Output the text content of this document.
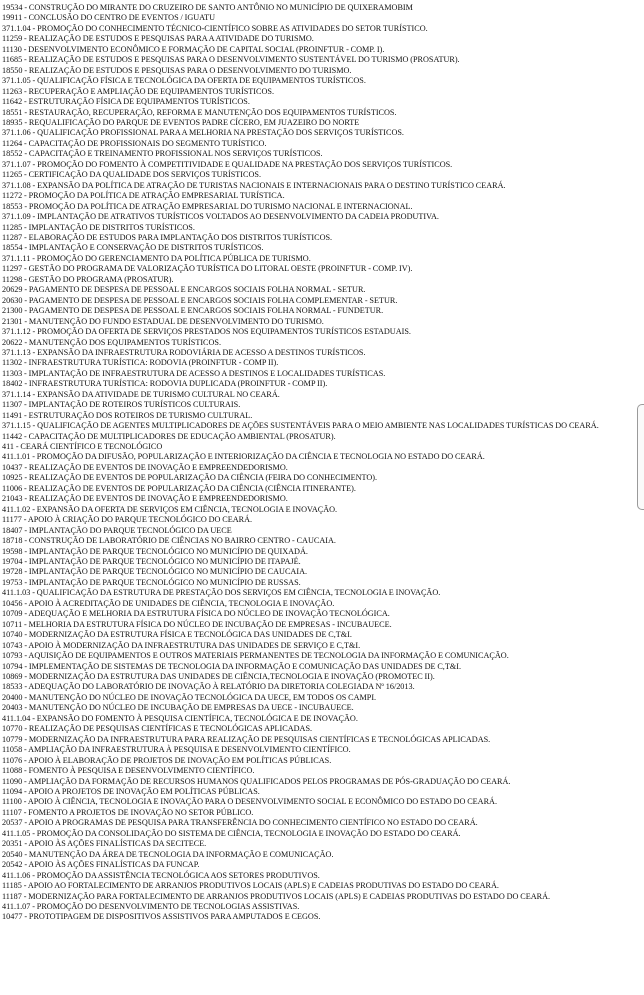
19534 - CONSTRUÇÃO DO MIRANTE DO CRUZEIRO DE SANTO ANTÔNIO NO MUNICÍPIO DE QUIXERAMOBIM
19911 - CONCLUSÃO DO CENTRO DE EVENTOS / IGUATU
371.1.04 - PROMOÇÃO DO CONHECIMENTO TÉCNICO-CIENTÍFICO SOBRE AS ATIVIDADES DO SETOR TURÍSTICO.
11259 - REALIZAÇÃO DE ESTUDOS E PESQUISAS PARA A ATIVIDADE DO TURISMO.
11130 - DESENVOLVIMENTO ECONÔMICO E FORMAÇÃO DE CAPITAL SOCIAL (PROINFTUR - COMP. I).
11685 - REALIZAÇÃO DE ESTUDOS E PESQUISAS PARA O DESENVOLVIMENTO SUSTENTÁVEL DO TURISMO (PROSATUR).
18550 - REALIZAÇÃO DE ESTUDOS E PESQUISAS PARA O DESENVOLVIMENTO DO TURISMO.
371.1.05 - QUALIFICAÇÃO FÍSICA E TECNOLÓGICA DA OFERTA DE EQUIPAMENTOS TURÍSTICOS.
11263 - RECUPERAÇÃO E AMPLIAÇÃO DE EQUIPAMENTOS TURÍSTICOS.
11642 - ESTRUTURAÇÃO FÍSICA DE EQUIPAMENTOS TURÍSTICOS.
18551 - RESTAURAÇÃO, RECUPERAÇÃO, REFORMA E MANUTENÇÃO DOS EQUIPAMENTOS TURÍSTICOS.
18935 - REQUALIFICAÇÃO DO PARQUE DE EVENTOS PADRE CÍCERO, EM JUAZEIRO DO NORTE
371.1.06 - QUALIFICAÇÃO PROFISSIONAL PARA A MELHORIA NA PRESTAÇÃO DOS SERVIÇOS TURÍSTICOS.
11264 - CAPACITAÇÃO DE PROFISSIONAIS DO SEGMENTO TURÍSTICO.
18552 - CAPACITAÇÃO E TREINAMENTO PROFISSIONAL NOS SERVIÇOS TURÍSTICOS.
371.1.07 - PROMOÇÃO DO FOMENTO À COMPETITIVIDADE E QUALIDADE NA PRESTAÇÃO DOS SERVIÇOS TURÍSTICOS.
11265 - CERTIFICAÇÃO DA QUALIDADE DOS SERVIÇOS TURÍSTICOS.
371.1.08 - EXPANSÃO DA POLÍTICA DE ATRAÇÃO DE TURISTAS NACIONAIS E INTERNACIONAIS PARA O DESTINO TURÍSTICO CEARÁ.
11272 - PROMOÇÃO DA POLÍTICA DE ATRAÇÃO EMPRESARIAL TURÍSTICA.
18553 - PROMOÇÃO DA POLÍTICA DE ATRAÇÃO EMPRESARIAL DO TURISMO NACIONAL E INTERNACIONAL.
371.1.09 - IMPLANTAÇÃO DE ATRATIVOS TURÍSTICOS VOLTADOS AO DESENVOLVIMENTO DA CADEIA PRODUTIVA.
11285 - IMPLANTAÇÃO DE DISTRITOS TURÍSTICOS.
11287 - ELABORAÇÃO DE ESTUDOS PARA IMPLANTAÇÃO DOS DISTRITOS TURÍSTICOS.
18554 - IMPLANTAÇÃO E CONSERVAÇÃO DE DISTRITOS TURÍSTICOS.
371.1.11 - PROMOÇÃO DO GERENCIAMENTO DA POLÍTICA PÚBLICA DE TURISMO.
11297 - GESTÃO DO PROGRAMA DE VALORIZAÇÃO TURÍSTICA DO LITORAL OESTE (PROINFTUR - COMP. IV).
11298 - GESTÃO DO PROGRAMA (PROSATUR).
20629 - PAGAMENTO DE DESPESA DE PESSOAL E ENCARGOS SOCIAIS FOLHA NORMAL - SETUR.
20630 - PAGAMENTO DE DESPESA DE PESSOAL E ENCARGOS SOCIAIS FOLHA COMPLEMENTAR - SETUR.
21300 - PAGAMENTO DE DESPESA DE PESSOAL E ENCARGOS SOCIAIS FOLHA NORMAL - FUNDETUR.
21301 - MANUTENÇÃO DO FUNDO ESTADUAL DE DESENVOLVIMENTO DO TURISMO.
371.1.12 - PROMOÇÃO DA OFERTA DE SERVIÇOS PRESTADOS NOS EQUIPAMENTOS TURÍSTICOS ESTADUAIS.
20622 - MANUTENÇÃO DOS EQUIPAMENTOS TURÍSTICOS.
371.1.13 - EXPANSÃO DA INFRAESTRUTURA RODOVIÁRIA DE ACESSO A DESTINOS TURÍSTICOS.
11302 - INFRAESTRUTURA TURÍSTICA: RODOVIA (PROINFTUR - COMP II).
11303 - IMPLANTAÇÃO DE INFRAESTRUTURA DE ACESSO A DESTINOS E LOCALIDADES TURÍSTICAS.
18402 - INFRAESTRUTURA TURÍSTICA: RODOVIA DUPLICADA (PROINFTUR - COMP II).
371.1.14 - EXPANSÃO DA ATIVIDADE DE TURISMO CULTURAL NO CEARÁ.
11307 - IMPLANTAÇÃO DE ROTEIROS TURÍSTICOS CULTURAIS.
11491 - ESTRUTURAÇÃO DOS ROTEIROS DE TURISMO CULTURAL.
371.1.15 - QUALIFICAÇÃO DE AGENTES MULTIPLICADORES DE AÇÕES SUSTENTÁVEIS PARA O MEIO AMBIENTE NAS LOCALIDADES TURÍSTICAS DO CEARÁ.
11442 - CAPACITAÇÃO DE MULTIPLICADORES DE EDUCAÇÃO AMBIENTAL (PROSATUR).
411 - CEARÁ CIENTÍFICO E TECNOLÓGICO
411.1.01 - PROMOÇÃO DA DIFUSÃO, POPULARIZAÇÃO E INTERIORIZAÇÃO DA CIÊNCIA E TECNOLOGIA NO ESTADO DO CEARÁ.
10437 - REALIZAÇÃO DE EVENTOS DE INOVAÇÃO E EMPREENDEDORISMO.
10925 - REALIZAÇÃO DE EVENTOS DE POPULARIZAÇÃO DA CIÊNCIA (FEIRA DO CONHECIMENTO).
11006 - REALIZAÇÃO DE EVENTOS DE POPULARIZAÇÃO DA CIÊNCIA (CIÊNCIA ITINERANTE).
21043 - REALIZAÇÃO DE EVENTOS DE INOVAÇÃO E EMPREENDEDORISMO.
411.1.02 - EXPANSÃO DA OFERTA DE SERVIÇOS EM CIÊNCIA, TECNOLOGIA E INOVAÇÃO.
11177 - APOIO À CRIAÇÃO DO PARQUE TECNOLÓGICO DO CEARÁ.
18407 - IMPLANTAÇÃO DO PARQUE TECNOLÓGICO DA UECE
18718 - CONSTRUÇÃO DE LABORATÓRIO DE CIÊNCIAS NO BAIRRO CENTRO - CAUCAIA.
19598 - IMPLANTAÇÃO DE PARQUE TECNOLÓGICO NO MUNICÍPIO DE QUIXADÁ.
19704 - IMPLANTAÇÃO DE PARQUE TECNOLÓGICO NO MUNICÍPIO DE ITAPAJÉ.
19728 - IMPLANTAÇÃO DE PARQUE TECNOLÓGICO NO MUNICÍPIO DE CAUCAIA.
19753 - IMPLANTAÇÃO DE PARQUE TECNOLÓGICO NO MUNICÍPIO DE RUSSAS.
411.1.03 - QUALIFICAÇÃO DA ESTRUTURA DE PRESTAÇÃO DOS SERVIÇOS EM CIÊNCIA, TECNOLOGIA E INOVAÇÃO.
10456 - APOIO À ACREDITAÇÃO DE UNIDADES DE CIÊNCIA, TECNOLOGIA E INOVAÇÃO.
10709 - ADEQUAÇÃO E MELHORIA DA ESTRUTURA FÍSICA DO NÚCLEO DE INOVAÇÃO TECNOLÓGICA.
10711 - MELHORIA DA ESTRUTURA FÍSICA DO NÚCLEO DE INCUBAÇÃO DE EMPRESAS - INCUBAUECE.
10740 - MODERNIZAÇÃO DA ESTRUTURA FÍSICA E TECNOLÓGICA DAS UNIDADES DE C,T&I.
10743 - APOIO À MODERNIZAÇÃO DA INFRAESTRUTURA DAS UNIDADES DE SERVIÇO E C,T&I.
10793 - AQUISIÇÃO DE EQUIPAMENTOS E OUTROS MATERIAIS PERMANENTES DE TECNOLOGIA DA INFORMAÇÃO E COMUNICAÇÃO.
10794 - IMPLEMENTAÇÃO DE SISTEMAS DE TECNOLOGIA DA INFORMAÇÃO E COMUNICAÇÃO DAS UNIDADES DE C,T&I.
10869 - MODERNIZAÇÃO DA ESTRUTURA DAS UNIDADES DE CIÊNCIA,TECNOLOGIA E INOVAÇÃO (PROMOTEC II).
18533 - ADEQUAÇÃO DO LABORATÓRIO DE INOVAÇÃO À RELATÓRIO DA DIRETORIA COLEGIADA Nº 16/2013.
20400 - MANUTENÇÃO DO NÚCLEO DE INOVAÇÃO TECNOLÓGICA DA UECE, EM TODOS OS CAMPI.
20403 - MANUTENÇÃO DO NÚCLEO DE INCUBAÇÃO DE EMPRESAS DA UECE - INCUBAUECE.
411.1.04 - EXPANSÃO DO FOMENTO À PESQUISA CIENTÍFICA, TECNOLÓGICA E DE INOVAÇÃO.
10770 - REALIZAÇÃO DE PESQUISAS CIENTÍFICAS E TECNOLÓGICAS APLICADAS.
10779 - MODERNIZAÇÃO DA INFRAESTRUTURA PARA REALIZAÇÃO DE PESQUISAS CIENTÍFICAS E TECNOLÓGICAS APLICADAS.
11058 - AMPLIAÇÃO DA INFRAESTRUTURA À PESQUISA E DESENVOLVIMENTO CIENTÍFICO.
11076 - APOIO À ELABORAÇÃO DE PROJETOS DE INOVAÇÃO EM POLÍTICAS PÚBLICAS.
11088 - FOMENTO À PESQUISA E DESENVOLVIMENTO CIENTÍFICO.
11090 - AMPLIAÇÃO DA FORMAÇÃO DE RECURSOS HUMANOS QUALIFICADOS PELOS PROGRAMAS DE PÓS-GRADUAÇÃO DO CEARÁ.
11094 - APOIO A PROJETOS DE INOVAÇÃO EM POLÍTICAS PÚBLICAS.
11100 - APOIO À CIÊNCIA, TECNOLOGIA E INOVAÇÃO PARA O DESENVOLVIMENTO SOCIAL E ECONÔMICO DO ESTADO DO CEARÁ.
11107 - FOMENTO A PROJETOS DE INOVAÇÃO NO SETOR PÚBLICO.
20537 - APOIO A PROGRAMAS DE PESQUISA PARA TRANSFERÊNCIA DO CONHECIMENTO CIENTÍFICO NO ESTADO DO CEARÁ.
411.1.05 - PROMOÇÃO DA CONSOLIDAÇÃO DO SISTEMA DE CIÊNCIA, TECNOLOGIA E INOVAÇÃO DO ESTADO DO CEARÁ.
20351 - APOIO ÀS AÇÕES FINALÍSTICAS DA SECITECE.
20540 - MANUTENÇÃO DA ÁREA DE TECNOLOGIA DA INFORMAÇÃO E COMUNICAÇÃO.
20542 - APOIO ÀS AÇÕES FINALÍSTICAS DA FUNCAP.
411.1.06 - PROMOÇÃO DA ASSISTÊNCIA TECNOLÓGICA AOS SETORES PRODUTIVOS.
11185 - APOIO AO FORTALECIMENTO DE ARRANJOS PRODUTIVOS LOCAIS (APLS) E CADEIAS PRODUTIVAS DO ESTADO DO CEARÁ.
11187 - MODERNIZAÇÃO PARA FORTALECIMENTO DE ARRANJOS PRODUTIVOS LOCAIS (APLS) E CADEIAS PRODUTIVAS DO ESTADO DO CEARÁ.
411.1.07 - PROMOÇÃO DO DESENVOLVIMENTO DE TECNOLOGIAS ASSISTIVAS.
10477 - PROTOTIPAGEM DE DISPOSITIVOS ASSISTIVOS PARA AMPUTADOS E CEGOS.
